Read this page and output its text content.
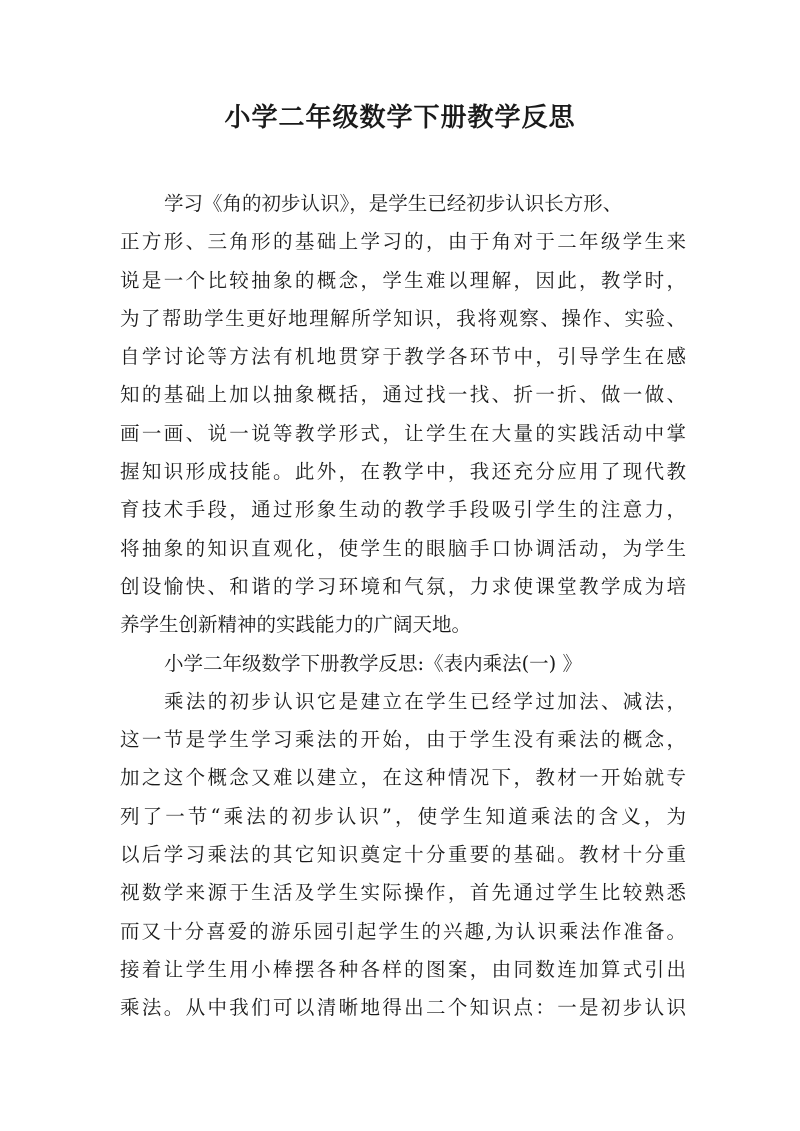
小学二年级数学下册教学反思
学习《角的初步认识》，是学生已经初步认识长方形、
正方形、三角形的基础上学习的，由于角对于二年级学生来
说是一个比较抽象的概念，学生难以理解，因此，教学时，
为了帮助学生更好地理解所学知识，我将观察、操作、实验、
自学讨论等方法有机地贯穿于教学各环节中，引导学生在感
知的基础上加以抽象概括，通过找一找、折一折、做一做、
画一画、说一说等教学形式，让学生在大量的实践活动中掌
握知识形成技能。此外，在教学中，我还充分应用了现代教
育技术手段，通过形象生动的教学手段吸引学生的注意力，
将抽象的知识直观化，使学生的眼脑手口协调活动，为学生
创设愉快、和谐的学习环境和气氛，力求使课堂教学成为培
养学生创新精神的实践能力的广阔天地。
小学二年级数学下册教学反思:《表内乘法(一) 》
乘法的初步认识它是建立在学生已经学过加法、减法，
这一节是学生学习乘法的开始，由于学生没有乘法的概念，
加之这个概念又难以建立，在这种情况下，教材一开始就专
列了一节“乘法的初步认识”，使学生知道乘法的含义，为
以后学习乘法的其它知识奠定十分重要的基础。教材十分重
视数学来源于生活及学生实际操作，首先通过学生比较熟悉
而又十分喜爱的游乐园引起学生的兴趣,为认识乘法作准备。
接着让学生用小棒摆各种各样的图案，由同数连加算式引出
乘法。从中我们可以清晰地得出二个知识点：一是初步认识
